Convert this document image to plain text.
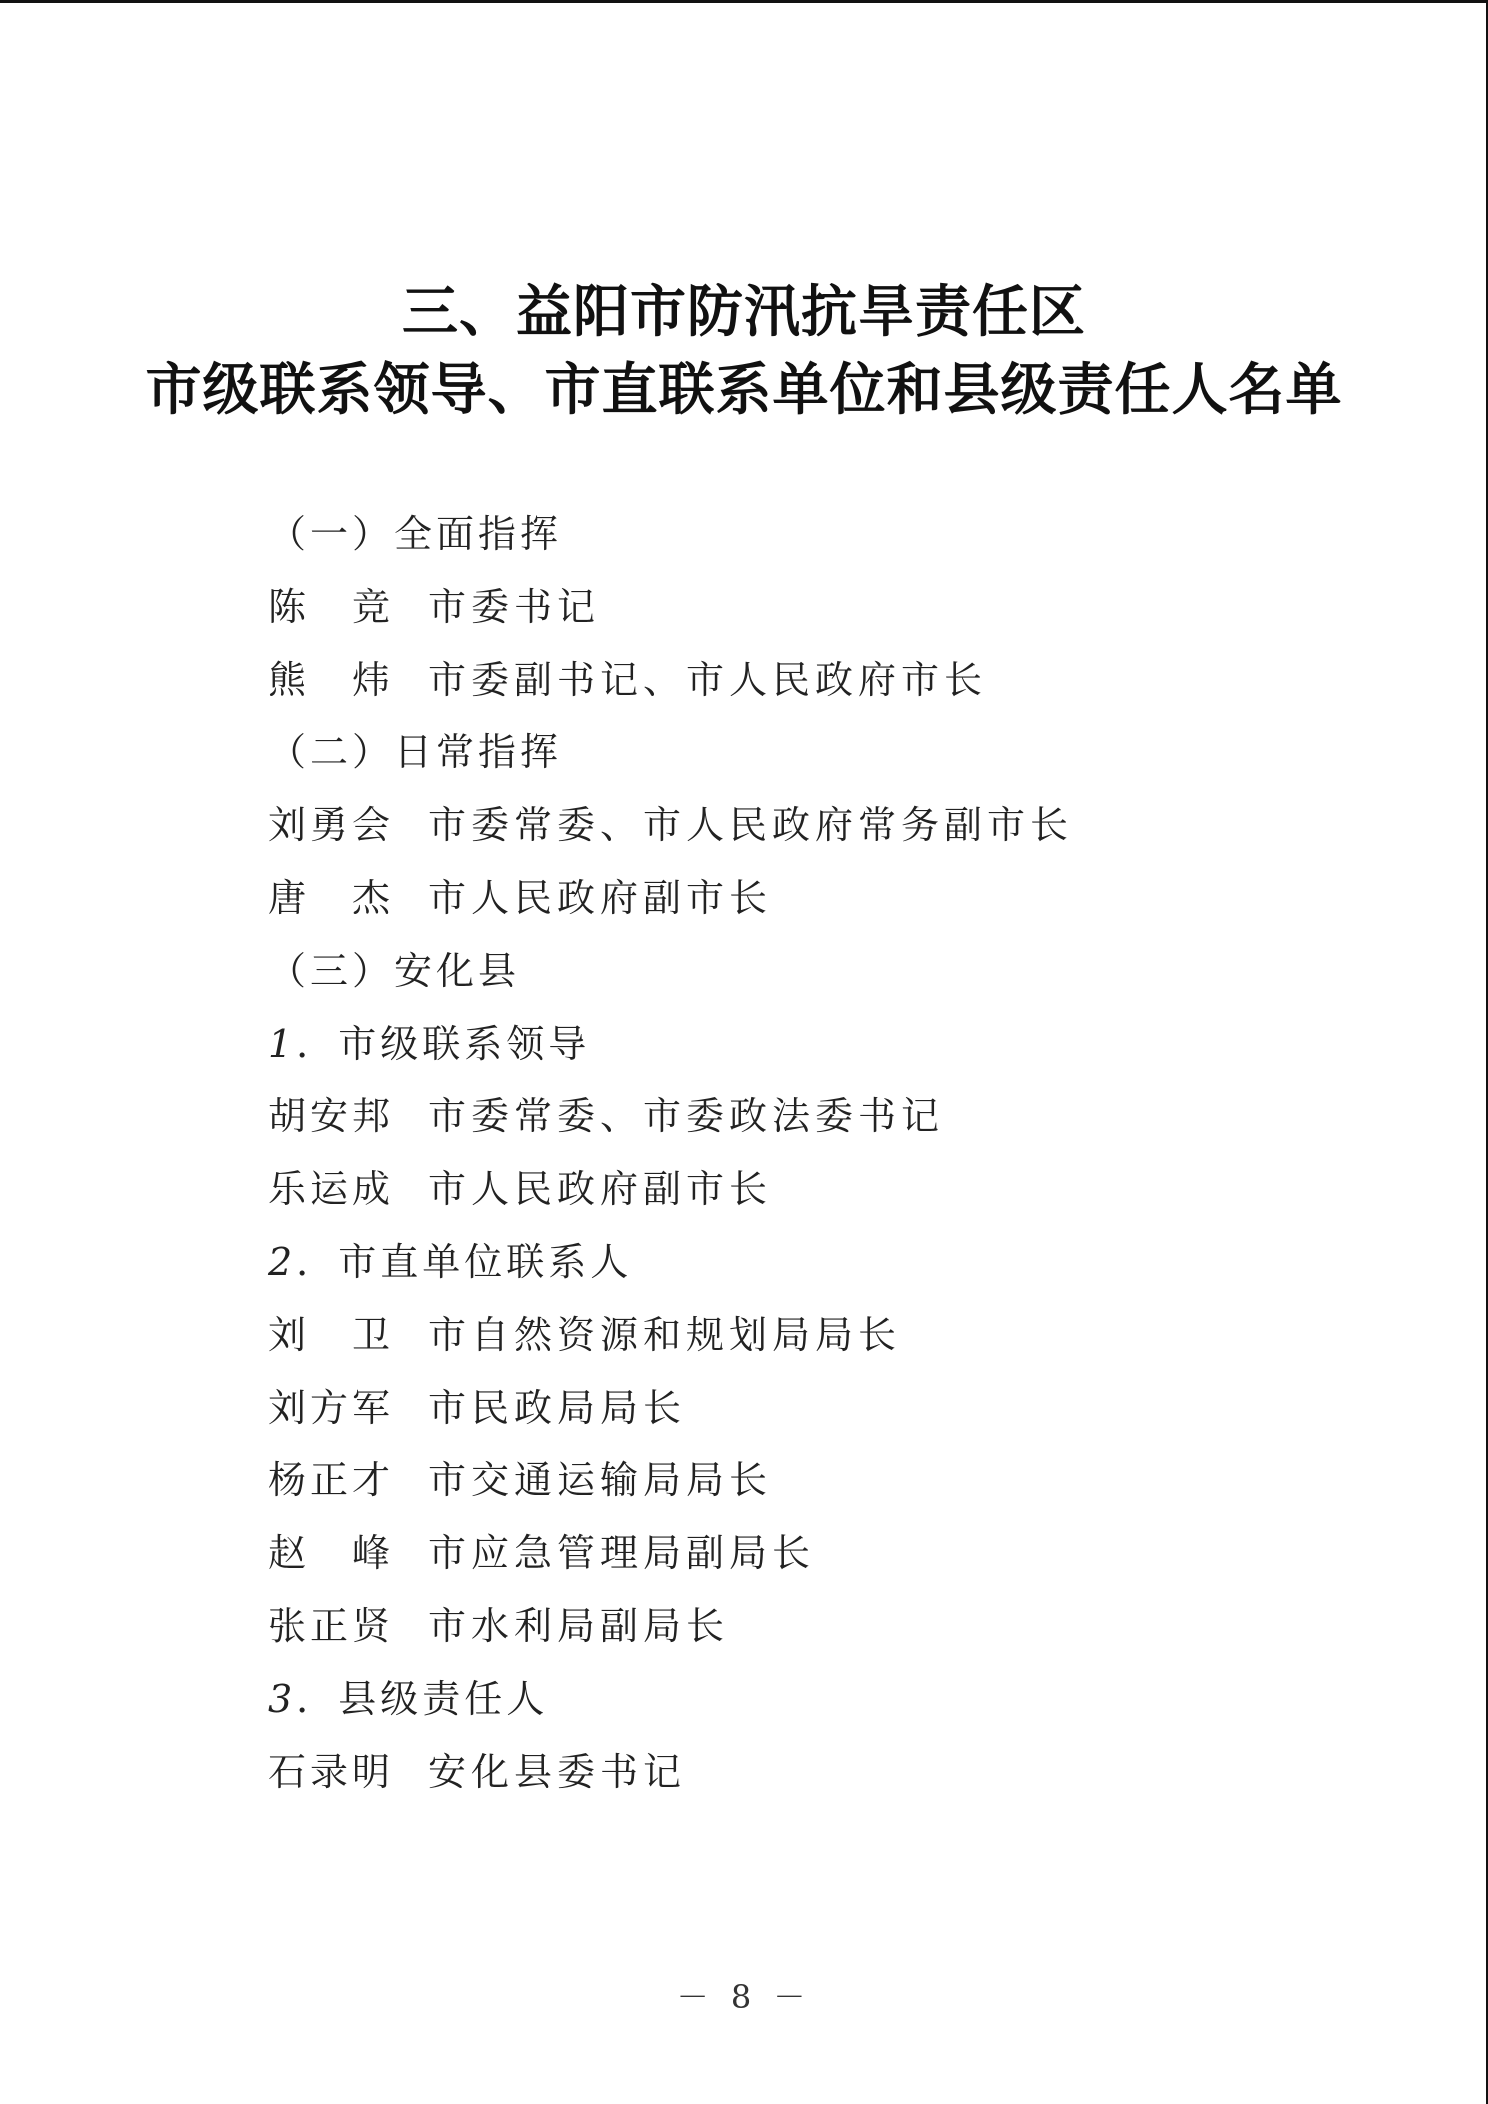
三、益阳市防汛抗旱责任区
市级联系领导、市直联系单位和县级责任人名单
（一）全面指挥
陈　竞 市委书记
熊　炜 市委副书记、市人民政府市长
（二）日常指挥
刘勇会 市委常委、市人民政府常务副市长
唐　杰 市人民政府副市长
（三）安化县
1．市级联系领导
胡安邦 市委常委、市委政法委书记
乐运成 市人民政府副市长
2．市直单位联系人
刘　卫 市自然资源和规划局局长
刘方军 市民政局局长
杨正才 市交通运输局局长
赵　峰 市应急管理局副局长
张正贤 市水利局副局长
3．县级责任人
石录明 安化县委书记
－ 8 －
